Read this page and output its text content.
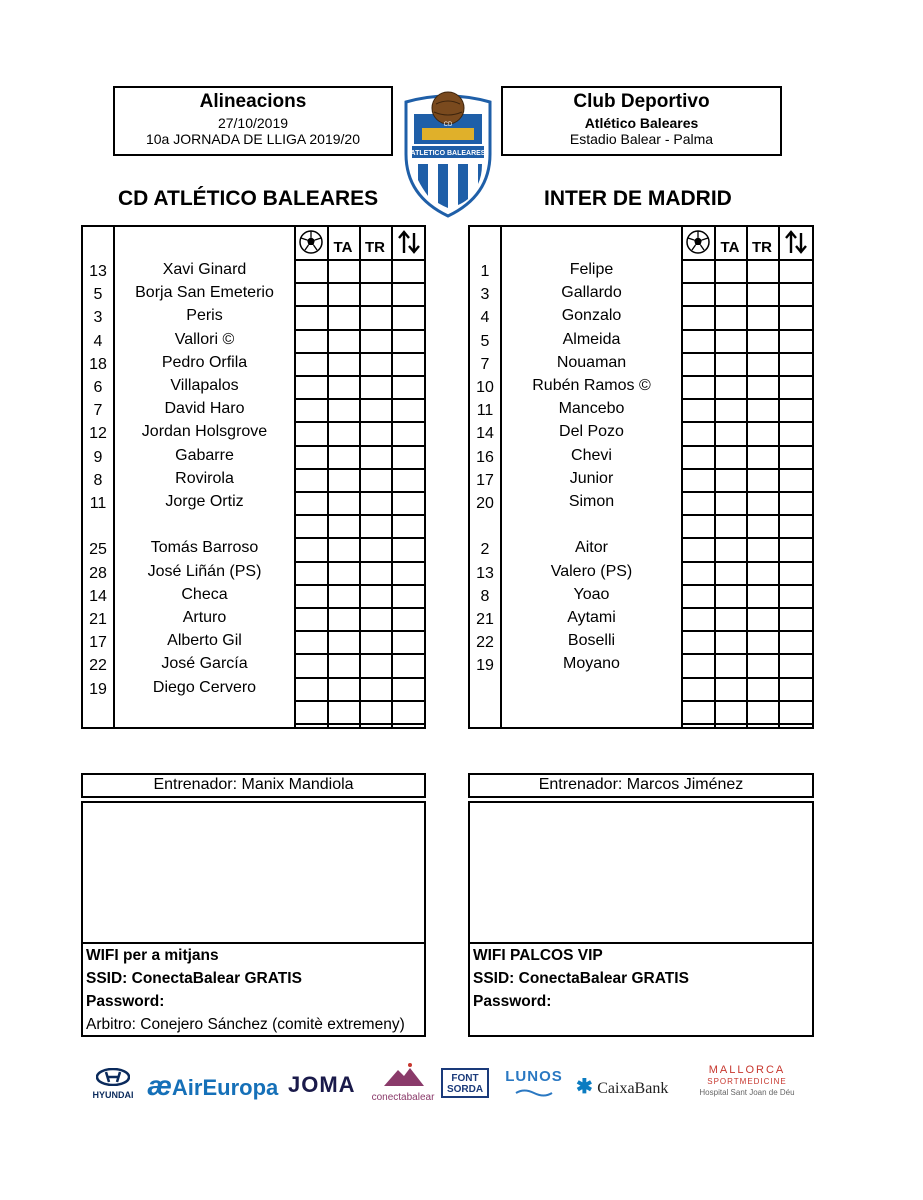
Alineacions
27/10/2019
10a JORNADA DE LLIGA 2019/20
Club Deportivo
Atlético Baleares
Estadio Balear - Palma
ATLETICO BALEARES
CD
CD ATLÉTICO BALEARES	INTER DE MADRID
TA TR
13	Xavi Ginard
5	Borja San Emeterio
3	Peris
4	Vallori ©
18	Pedro Orfila
6	Villapalos
7	David Haro
12	Jordan Holsgrove
9	Gabarre
8	Rovirola
11	Jorge Ortiz
25	Tomás Barroso
28	José Liñán (PS)
14	Checa
21	Arturo
17	Alberto Gil
22	José García
19	Diego Cervero
TA TR
1	Felipe
3	Gallardo
4	Gonzalo
5	Almeida
7	Nouaman
10	Rubén Ramos ©
11	Mancebo
14	Del Pozo
16	Chevi
17	Junior
20	Simon
2	Aitor
13	Valero (PS)
8	Yoao
21	Aytami
22	Boselli
19	Moyano
Entrenador: Manix Mandiola	Entrenador: Marcos Jiménez
WIFI per a mitjans
SSID: ConectaBalear GRATIS
Password:
Arbitro: Conejero Sánchez (comitè extremeny)
WIFI PALCOS VIP
SSID: ConectaBalear GRATIS
Password:
HYUNDAI æAirEuropa JOMA
conectabalear
FONT
SORDA
LUNOS ✱ CaixaBank
MALLORCA
SPORTMEDICINE
Hospital Sant Joan de Déu
